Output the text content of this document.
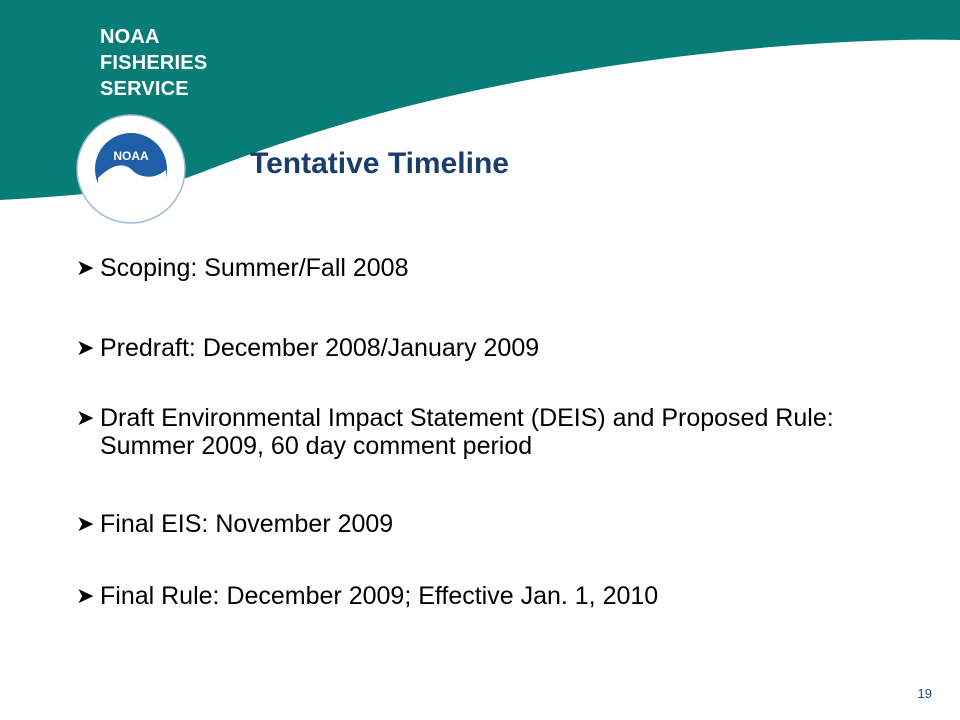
NOAA
FISHERIES
SERVICE
NOAA	Tentative Timeline
➤ Scoping: Summer/Fall 2008
➤ Predraft: December 2008/January 2009
➤ Draft Environmental Impact Statement (DEIS) and Proposed Rule: Summer 2009, 60 day comment period
➤ Final EIS: November 2009
➤ Final Rule: December 2009; Effective Jan. 1, 2010
19
